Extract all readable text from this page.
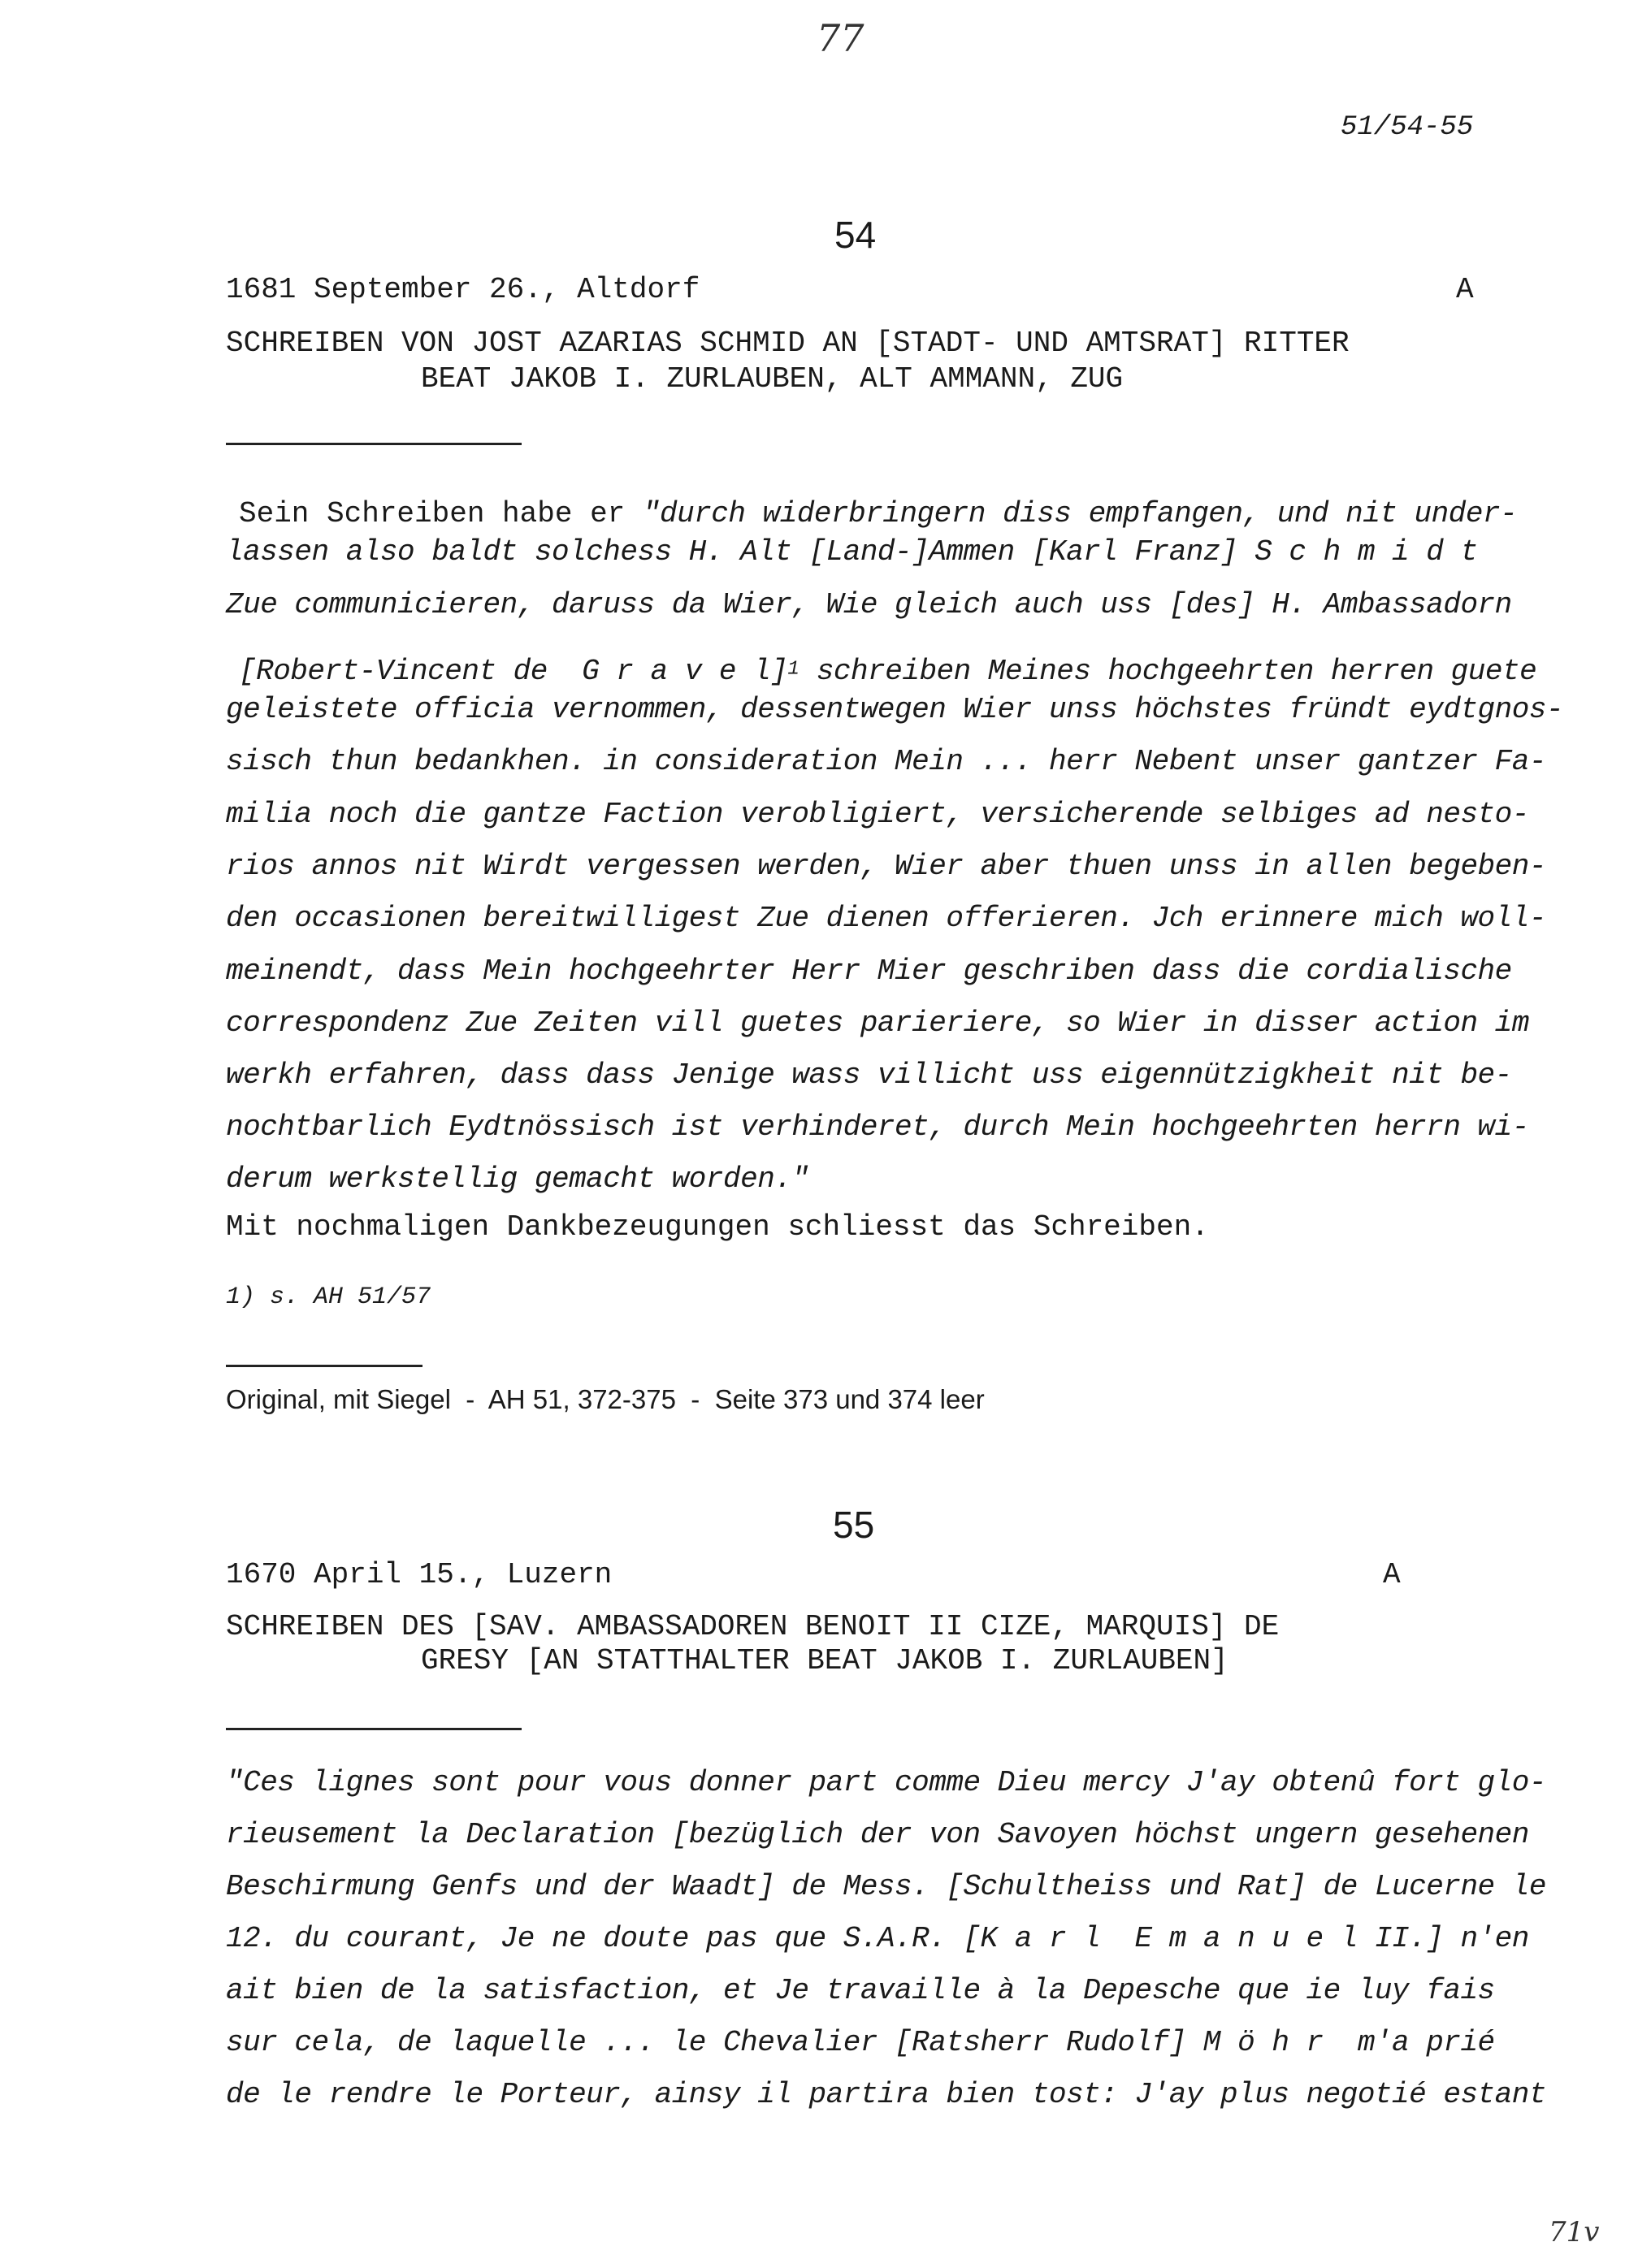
77
51/54-55
54
1681 September 26., Altdorf	A
SCHREIBEN VON JOST AZARIAS SCHMID AN [STADT- UND AMTSRAT] RITTER
BEAT JAKOB I. ZURLAUBEN, ALT AMMANN, ZUG

Sein Schreiben habe er "durch widerbringern diss empfangen, und nit under-

lassen also baldt solchess H. Alt [Land-]Ammen [Karl Franz] S c h m i d t
Zue communicieren, daruss da Wier, Wie gleich auch uss [des] H. Ambassadorn

[Robert-Vincent de  G r a v e l]$^1$ schreiben Meines hochgeehrten herren guete

geleistete officia vernommen, dessentwegen Wier unss höchstes fründt eydtgnos-
sisch thun bedankhen. in consideration Mein ... herr Nebent unser gantzer Fa-
milia noch die gantze Faction verobligiert, versicherende selbiges ad nesto-
rios annos nit Wirdt vergessen werden, Wier aber thuen unss in allen begeben-
den occasionen bereitwilligest Zue dienen offerieren. Jch erinnere mich woll-
meinendt, dass Mein hochgeehrter Herr Mier geschriben dass die cordialische
correspondenz Zue Zeiten vill guetes parieriere, so Wier in disser action im
werkh erfahren, dass dass Jenige wass villicht uss eigennützigkheit nit be-
nochtbarlich Eydtnössisch ist verhinderet, durch Mein hochgeehrten herrn wi-
derum werkstellig gemacht worden."
Mit nochmaligen Dankbezeugungen schliesst das Schreiben.
1) s. AH 51/57
Original, mit Siegel  -  AH 51, 372-375  -  Seite 373 und 374 leer
55
1670 April 15., Luzern	A
SCHREIBEN DES [SAV. AMBASSADOREN BENOIT II CIZE, MARQUIS] DE
GRESY [AN STATTHALTER BEAT JAKOB I. ZURLAUBEN]
"Ces lignes sont pour vous donner part comme Dieu mercy J'ay obtenû fort glo-
rieusement la Declaration [bezüglich der von Savoyen höchst ungern gesehenen
Beschirmung Genfs und der Waadt] de Mess. [Schultheiss und Rat] de Lucerne le
12. du courant, Je ne doute pas que S.A.R. [K a r l  E m a n u e l II.] n'en
ait bien de la satisfaction, et Je travaille à la Depesche que ie luy fais
sur cela, de laquelle ... le Chevalier [Ratsherr Rudolf] M ö h r  m'a prié
de le rendre le Porteur, ainsy il partira bien tost: J'ay plus negotié estant
71v
